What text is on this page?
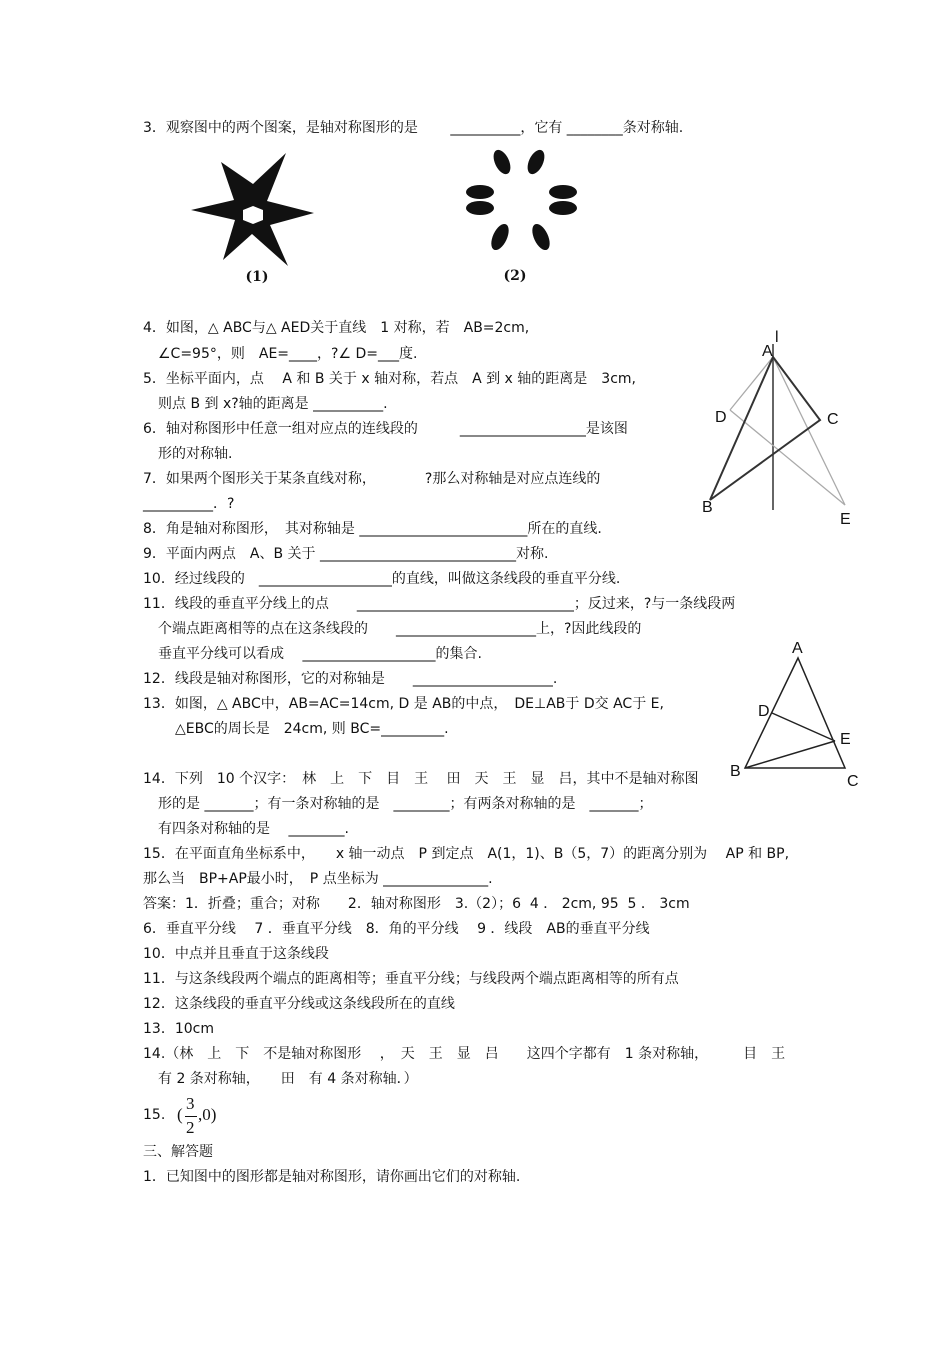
3．观察图中的两个图案，是轴对称图形的是　　 __________，它有 ________条对称轴.
4．如图，△ ABC与△ AED关于直线　1 对称，若　AB=2cm,
∠C=95°，则　AE=____，?∠ D=___度.
5．坐标平面内，点　 A 和 B 关于 x 轴对称，若点　A 到 x 轴的距离是　3cm,
则点 B 到 x?轴的距离是 __________.
6．轴对称图形中任意一组对应点的连线段的　　　__________________是该图
形的对称轴.
7．如果两个图形关于某条直线对称，　　　　?那么对称轴是对应点连线的
__________．?
8．角是轴对称图形，　其对称轴是 ________________________所在的直线.
9．平面内两点　A、B 关于 ____________________________对称.
10．经过线段的　___________________的直线，叫做这条线段的垂直平分线.
11．线段的垂直平分线上的点　　_______________________________；反过来，?与一条线段两
个端点距离相等的点在这条线段的　　____________________上，?因此线段的
垂直平分线可以看成　 ___________________的集合.
12．线段是轴对称图形，它的对称轴是　　____________________.
13．如图，△ ABC中，AB=AC=14cm, D 是 AB的中点，　DE⊥AB于 D交 AC于 E,
△EBC的周长是　24cm, 则 BC=_________.
14．下列　10 个汉字：　林　上　下　目　王　 田　天　王　显　吕，其中不是轴对称图
形的是 _______；有一条对称轴的是　________；有两条对称轴的是　_______；
有四条对称轴的是　 ________.
15．在平面直角坐标系中，　　x 轴一动点　P 到定点　A(1，1)、B（5，7）的距离分别为　 AP 和 BP,
那么当　BP+AP最小时，　P 点坐标为 _______________.
答案：1．折叠；重合；对称　　2．轴对称图形　3.（2）；6  4 ． 2cm, 95  5 ． 3cm
6．垂直平分线　 7 ．垂直平分线　8．角的平分线　 9 ．线段　AB的垂直平分线
10．中点并且垂直于这条线段
11．与这条线段两个端点的距离相等；垂直平分线；与线段两个端点距离相等的所有点
12．这条线段的垂直平分线或这条线段所在的直线
13．10cm
14.（林　上　下　不是轴对称图形　 ，　天　王　显　吕　　这四个字都有　1 条对称轴，　　　目　王
有 2 条对称轴，　　田　有 4 条对称轴．）
三、解答题
1．已知图中的图形都是轴对称图形，请你画出它们的对称轴.
15. (
3
2
,0)
(1)	(2)
A
l
D	C
B
E
A
D
E
B
C
